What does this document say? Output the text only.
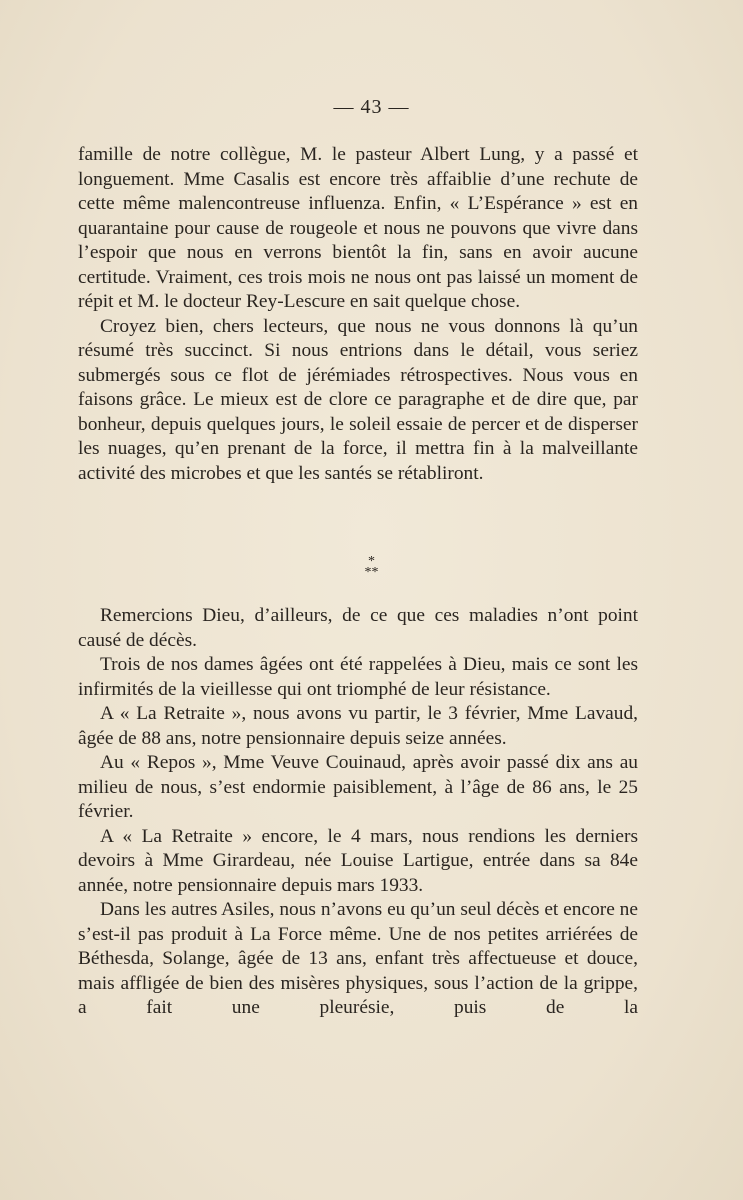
— 43 —

famille de notre collègue, M. le pasteur Albert Lung, y a passé et longuement. Mme Casalis est encore très affaiblie d’une rechute de cette même malencontreuse influenza. Enfin, « L’Espérance » est en quarantaine pour cause de rougeole et nous ne pouvons que vivre dans l’espoir que nous en verrons bientôt la fin, sans en avoir aucune certitude. Vraiment, ces trois mois ne nous ont pas laissé un moment de répit et M. le docteur Rey-Lescure en sait quelque chose.

Croyez bien, chers lecteurs, que nous ne vous donnons là qu’un résumé très succinct. Si nous entrions dans le détail, vous seriez submergés sous ce flot de jérémiades rétrospectives. Nous vous en faisons grâce. Le mieux est de clore ce paragraphe et de dire que, par bonheur, depuis quelques jours, le soleil essaie de percer et de disperser les nuages, qu’en prenant de la force, il mettra fin à la malveillante activité des microbes et que les santés se rétabliront.

*
**

Remercions Dieu, d’ailleurs, de ce que ces maladies n’ont point causé de décès.

Trois de nos dames âgées ont été rappelées à Dieu, mais ce sont les infirmités de la vieillesse qui ont triomphé de leur résistance.

A « La Retraite », nous avons vu partir, le 3 février, Mme Lavaud, âgée de 88 ans, notre pensionnaire depuis seize années.

Au « Repos », Mme Veuve Couinaud, après avoir passé dix ans au milieu de nous, s’est endormie paisiblement, à l’âge de 86 ans, le 25 février.

A « La Retraite » encore, le 4 mars, nous rendions les derniers devoirs à Mme Girardeau, née Louise Lartigue, entrée dans sa 84e année, notre pensionnaire depuis mars 1933.

Dans les autres Asiles, nous n’avons eu qu’un seul décès et encore ne s’est-il pas produit à La Force même. Une de nos petites arriérées de Béthesda, Solange, âgée de 13 ans, enfant très affectueuse et douce, mais affligée de bien des misères physiques, sous l’action de la grippe, a fait une pleurésie, puis de la
